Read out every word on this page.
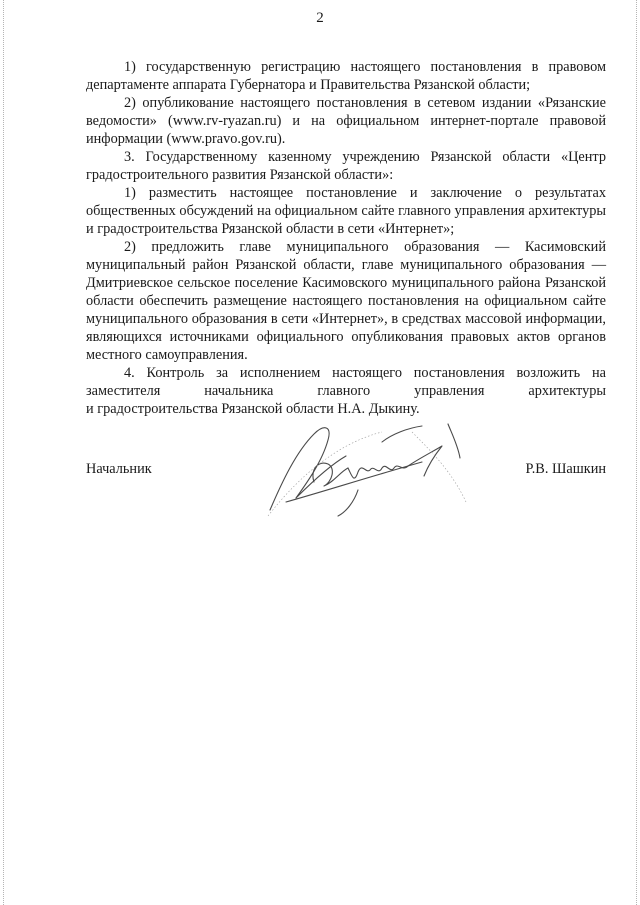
2

1) государственную регистрацию настоящего постановления в правовом департаменте аппарата Губернатора и Правительства Рязанской области;

2) опубликование настоящего постановления в сетевом издании «Рязанские ведомости» (www.rv-ryazan.ru) и на официальном интернет-портале правовой информации (www.pravo.gov.ru).

3. Государственному казенному учреждению Рязанской области «Центр градостроительного развития Рязанской области»:

1) разместить настоящее постановление и заключение о результатах общественных обсуждений на официальном сайте главного управления архитектуры и градостроительства Рязанской области в сети «Интернет»;

2) предложить главе муниципального образования — Касимовский муниципальный район Рязанской области, главе муниципального образования — Дмитриевское сельское поселение Касимовского муниципального района Рязанской области обеспечить размещение настоящего постановления на официальном сайте муниципального образования в сети «Интернет», в средствах массовой информации, являющихся источниками официального опубликования правовых актов органов местного самоуправления.

4. Контроль за исполнением настоящего постановления возложить на заместителя начальника главного управления архитектуры

и градостроительства Рязанской области Н.А. Дыкину.

Начальник	Р.В. Шашкин
